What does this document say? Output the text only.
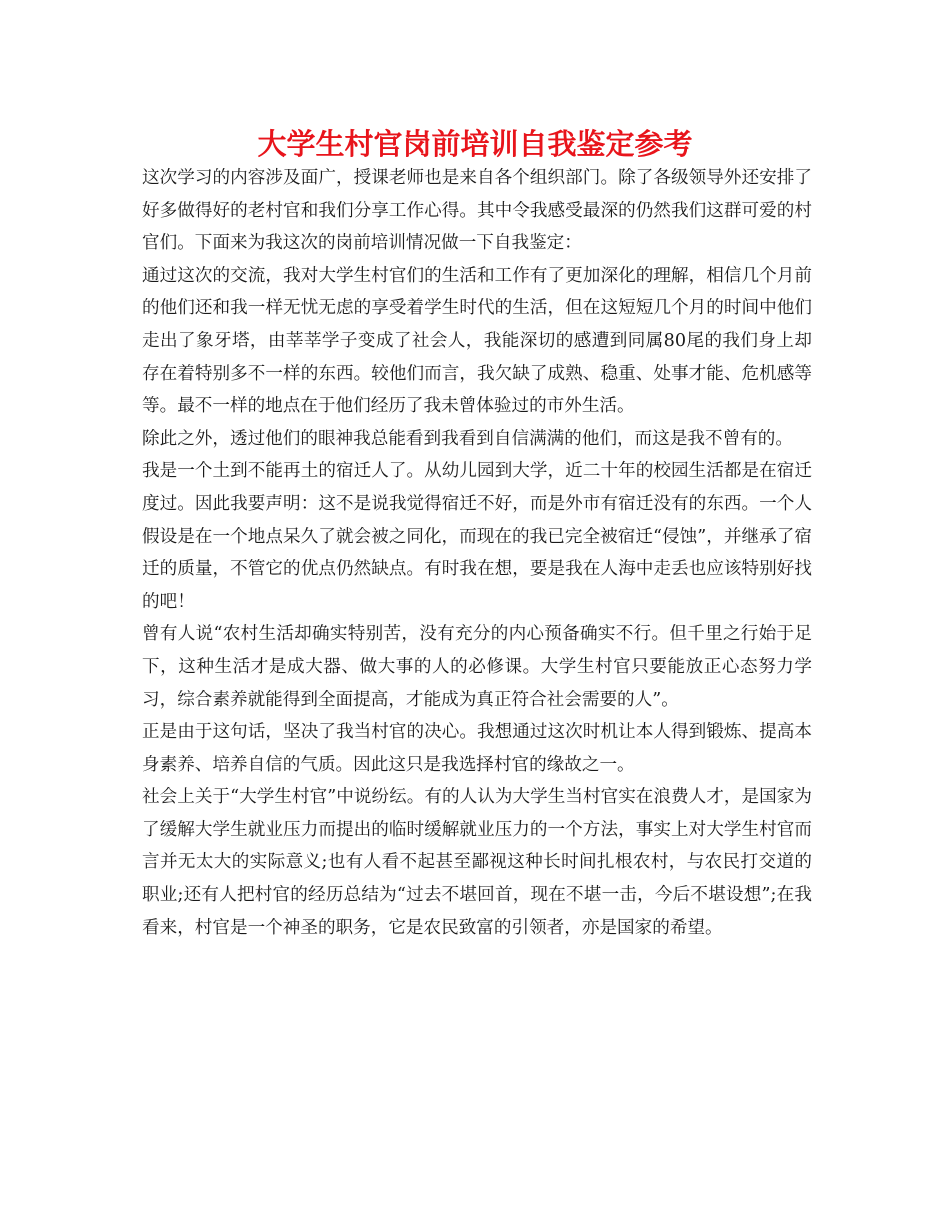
大学生村官岗前培训自我鉴定参考

这次学习的内容涉及面广，授课老师也是来自各个组织部门。除了各级领导外还安排了好多做得好的老村官和我们分享工作心得。其中令我感受最深的仍然我们这群可爱的村官们。下面来为我这次的岗前培训情况做一下自我鉴定：

通过这次的交流，我对大学生村官们的生活和工作有了更加深化的理解，相信几个月前的他们还和我一样无忧无虑的享受着学生时代的生活，但在这短短几个月的时间中他们走出了象牙塔，由莘莘学子变成了社会人，我能深切的感遭到同属80尾的我们身上却存在着特别多不一样的东西。较他们而言，我欠缺了成熟、稳重、处事才能、危机感等等。最不一样的地点在于他们经历了我未曾体验过的市外生活。

除此之外，透过他们的眼神我总能看到我看到自信满满的他们，而这是我不曾有的。

我是一个土到不能再土的宿迁人了。从幼儿园到大学，近二十年的校园生活都是在宿迁度过。因此我要声明：这不是说我觉得宿迁不好，而是外市有宿迁没有的东西。一个人假设是在一个地点呆久了就会被之同化，而现在的我已完全被宿迁“侵蚀”，并继承了宿迁的质量，不管它的优点仍然缺点。有时我在想，要是我在人海中走丢也应该特别好找的吧！

曾有人说“农村生活却确实特别苦，没有充分的内心预备确实不行。但千里之行始于足下，这种生活才是成大器、做大事的人的必修课。大学生村官只要能放正心态努力学习，综合素养就能得到全面提高，才能成为真正符合社会需要的人”。

正是由于这句话，坚决了我当村官的决心。我想通过这次时机让本人得到锻炼、提高本身素养、培养自信的气质。因此这只是我选择村官的缘故之一。

社会上关于“大学生村官”中说纷纭。有的人认为大学生当村官实在浪费人才，是国家为了缓解大学生就业压力而提出的临时缓解就业压力的一个方法，事实上对大学生村官而言并无太大的实际意义;也有人看不起甚至鄙视这种长时间扎根农村，与农民打交道的职业;还有人把村官的经历总结为“过去不堪回首，现在不堪一击，今后不堪设想”;在我看来，村官是一个神圣的职务，它是农民致富的引领者，亦是国家的希望。
